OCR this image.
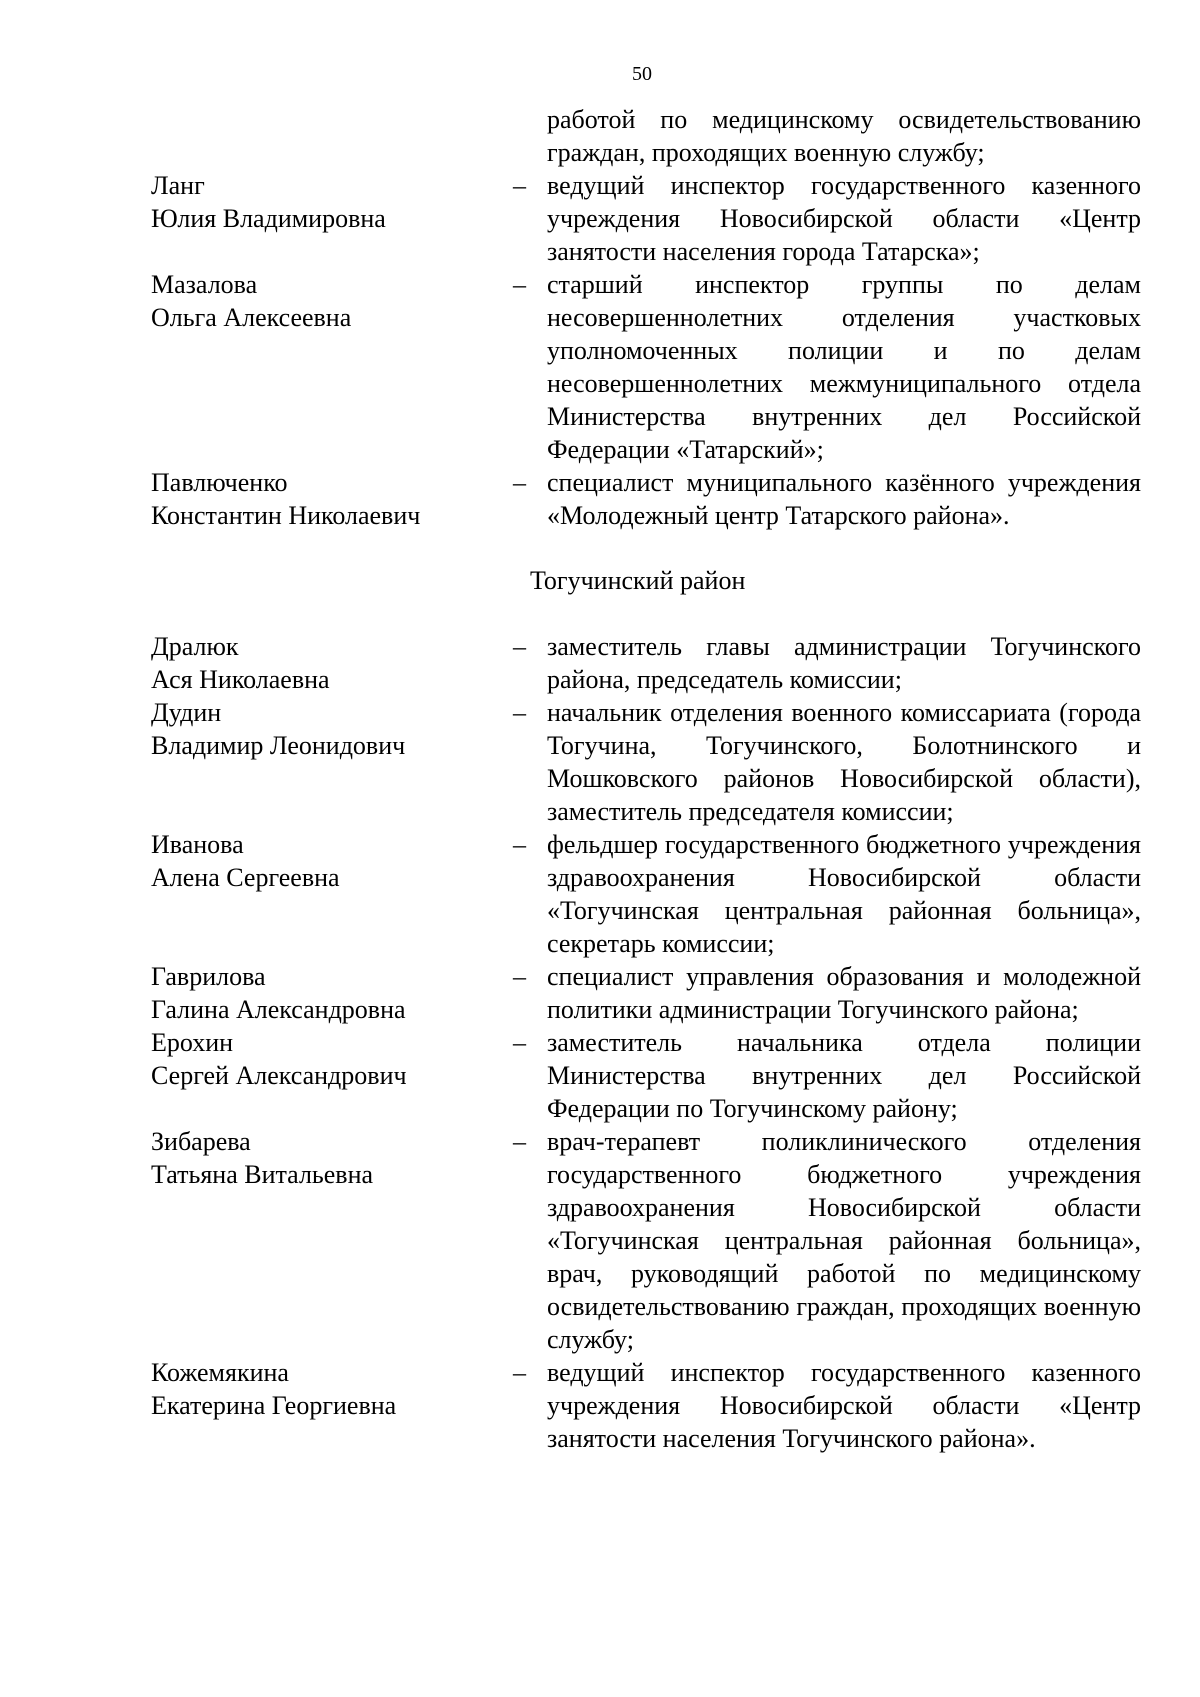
50
работой по медицинскому освидетельствованию граждан, проходящих военную службу;
Ланг
Юлия Владимировна
– ведущий инспектор государственного казенного учреждения Новосибирской области «Центр занятости населения города Татарска»;
Мазалова
Ольга Алексеевна
– старший инспектор группы по делам несовершеннолетних отделения участковых уполномоченных полиции и по делам несовершеннолетних межмуниципального отдела Министерства внутренних дел Российской Федерации «Татарский»;
Павлюченко
Константин Николаевич
– специалист муниципального казённого учреждения «Молодежный центр Татарского района».
Тогучинский район
Дралюк
Ася Николаевна
– заместитель главы администрации Тогучинского района, председатель комиссии;
Дудин
Владимир Леонидович
– начальник отделения военного комиссариата (города Тогучина, Тогучинского, Болотнинского и Мошковского районов Новосибирской области), заместитель председателя комиссии;
Иванова
Алена Сергеевна
– фельдшер государственного бюджетного учреждения здравоохранения Новосибирской области «Тогучинская центральная районная больница», секретарь комиссии;
Гаврилова
Галина Александровна
– специалист управления образования и молодежной политики администрации Тогучинского района;
Ерохин
Сергей Александрович
– заместитель начальника отдела полиции Министерства внутренних дел Российской Федерации по Тогучинскому району;
Зибарева
Татьяна Витальевна
– врач-терапевт поликлинического отделения государственного бюджетного учреждения здравоохранения Новосибирской области «Тогучинская центральная районная больница», врач, руководящий работой по медицинскому освидетельствованию граждан, проходящих военную службу;
Кожемякина
Екатерина Георгиевна
– ведущий инспектор государственного казенного учреждения Новосибирской области «Центр занятости населения Тогучинского района».
